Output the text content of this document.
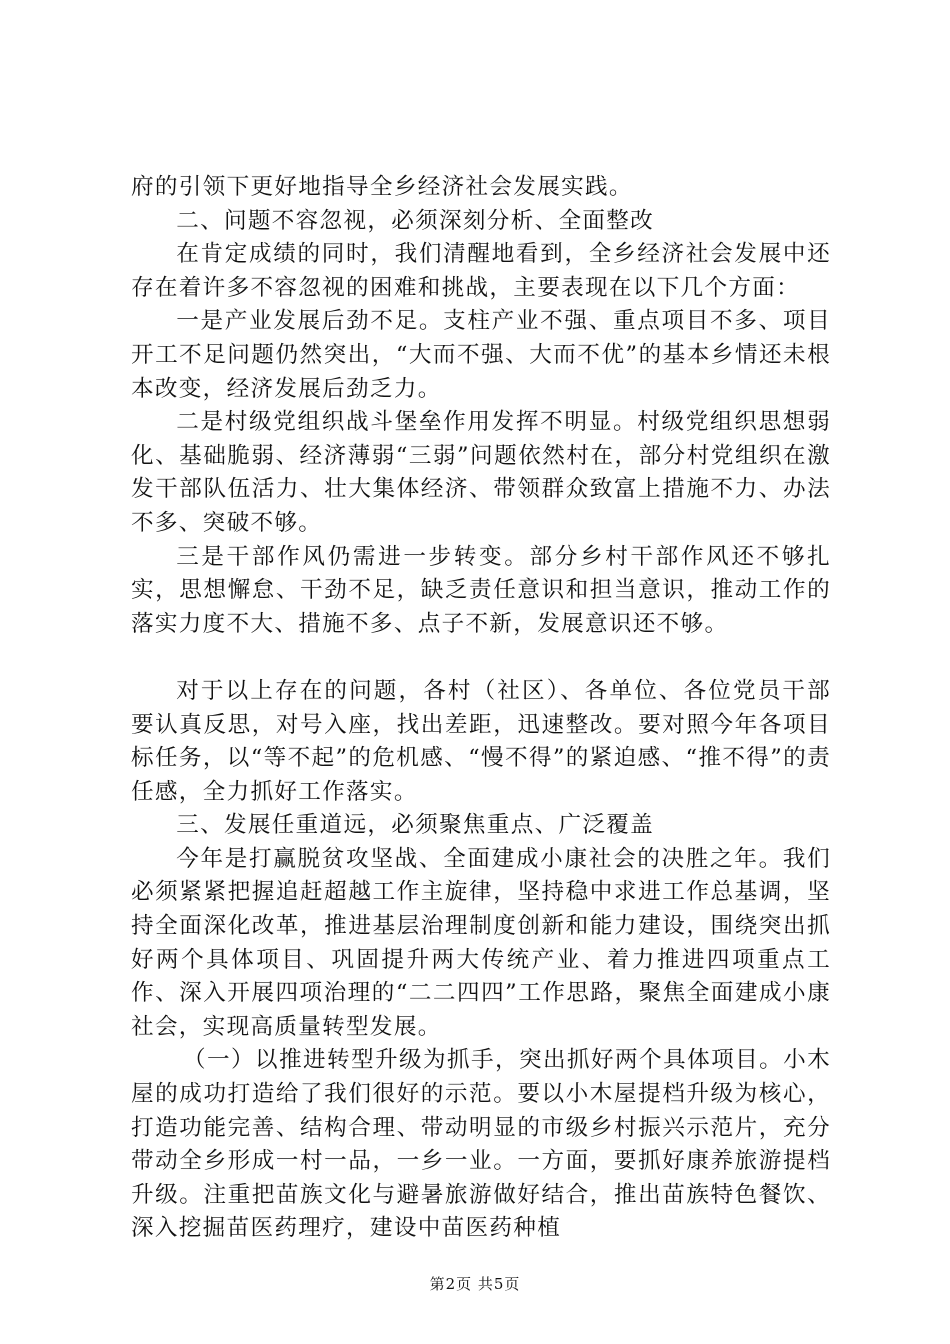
府的引领下更好地指导全乡经济社会发展实践。

二、问题不容忽视，必须深刻分析、全面整改

在肯定成绩的同时，我们清醒地看到，全乡经济社会发展中还存在着许多不容忽视的困难和挑战，主要表现在以下几个方面：

一是产业发展后劲不足。支柱产业不强、重点项目不多、项目开工不足问题仍然突出，“大而不强、大而不优”的基本乡情还未根本改变，经济发展后劲乏力。

二是村级党组织战斗堡垒作用发挥不明显。村级党组织思想弱化、基础脆弱、经济薄弱“三弱”问题依然村在，部分村党组织在激发干部队伍活力、壮大集体经济、带领群众致富上措施不力、办法不多、突破不够。

三是干部作风仍需进一步转变。部分乡村干部作风还不够扎实，思想懈怠、干劲不足，缺乏责任意识和担当意识，推动工作的落实力度不大、措施不多、点子不新，发展意识还不够。

对于以上存在的问题，各村（社区）、各单位、各位党员干部要认真反思，对号入座，找出差距，迅速整改。要对照今年各项目标任务，以“等不起”的危机感、“慢不得”的紧迫感、“推不得”的责任感，全力抓好工作落实。

三、发展任重道远，必须聚焦重点、广泛覆盖

今年是打赢脱贫攻坚战、全面建成小康社会的决胜之年。我们必须紧紧把握追赶超越工作主旋律，坚持稳中求进工作总基调，坚持全面深化改革，推进基层治理制度创新和能力建设，围绕突出抓好两个具体项目、巩固提升两大传统产业、着力推进四项重点工作、深入开展四项治理的“二二四四”工作思路，聚焦全面建成小康社会，实现高质量转型发展。

（一）以推进转型升级为抓手，突出抓好两个具体项目。小木屋的成功打造给了我们很好的示范。要以小木屋提档升级为核心，打造功能完善、结构合理、带动明显的市级乡村振兴示范片，充分带动全乡形成一村一品，一乡一业。一方面，要抓好康养旅游提档升级。注重把苗族文化与避暑旅游做好结合，推出苗族特色餐饮、深入挖掘苗医药理疗，建设中苗医药种植

第2页 共5页
